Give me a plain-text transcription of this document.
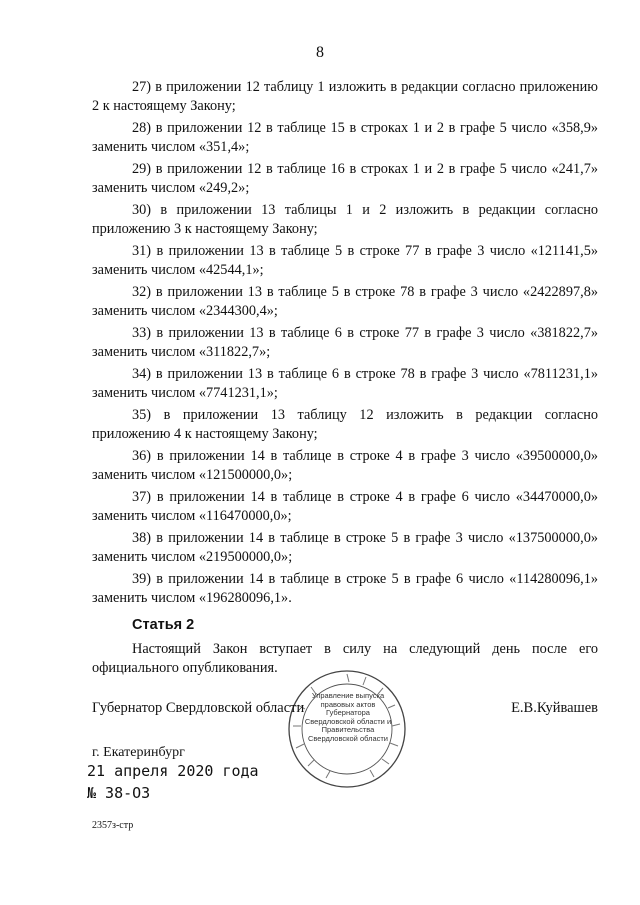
8

27) в приложении 12 таблицу 1 изложить в редакции согласно приложению 2 к настоящему Закону;

28) в приложении 12 в таблице 15 в строках 1 и 2 в графе 5 число «358,9» заменить числом «351,4»;

29) в приложении 12 в таблице 16 в строках 1 и 2 в графе 5 число «241,7» заменить числом «249,2»;

30) в приложении 13 таблицы 1 и 2 изложить в редакции согласно приложению 3 к настоящему Закону;

31) в приложении 13 в таблице 5 в строке 77 в графе 3 число «121141,5» заменить числом «42544,1»;

32) в приложении 13 в таблице 5 в строке 78 в графе 3 число «2422897,8» заменить числом «2344300,4»;

33) в приложении 13 в таблице 6 в строке 77 в графе 3 число «381822,7» заменить числом «311822,7»;

34) в приложении 13 в таблице 6 в строке 78 в графе 3 число «7811231,1» заменить числом «7741231,1»;

35) в приложении 13 таблицу 12 изложить в редакции согласно приложению 4 к настоящему Закону;

36) в приложении 14 в таблице в строке 4 в графе 3 число «39500000,0» заменить числом «121500000,0»;

37) в приложении 14 в таблице в строке 4 в графе 6 число «34470000,0» заменить числом «116470000,0»;

38) в приложении 14 в таблице в строке 5 в графе 3 число «137500000,0» заменить числом «219500000,0»;

39) в приложении 14 в таблице в строке 5 в графе 6 число «114280096,1» заменить числом «196280096,1».

Статья 2

Настоящий Закон вступает в силу на следующий день после его официального опубликования.

Управление выпуска правовых актов Губернатора Свердловской области и Правительства Свердловской области
Губернатор Свердловской области	Е.В.Куйвашев
г. Екатеринбург
21 апреля 2020 года
№ 38-ОЗ
2357з-стр
